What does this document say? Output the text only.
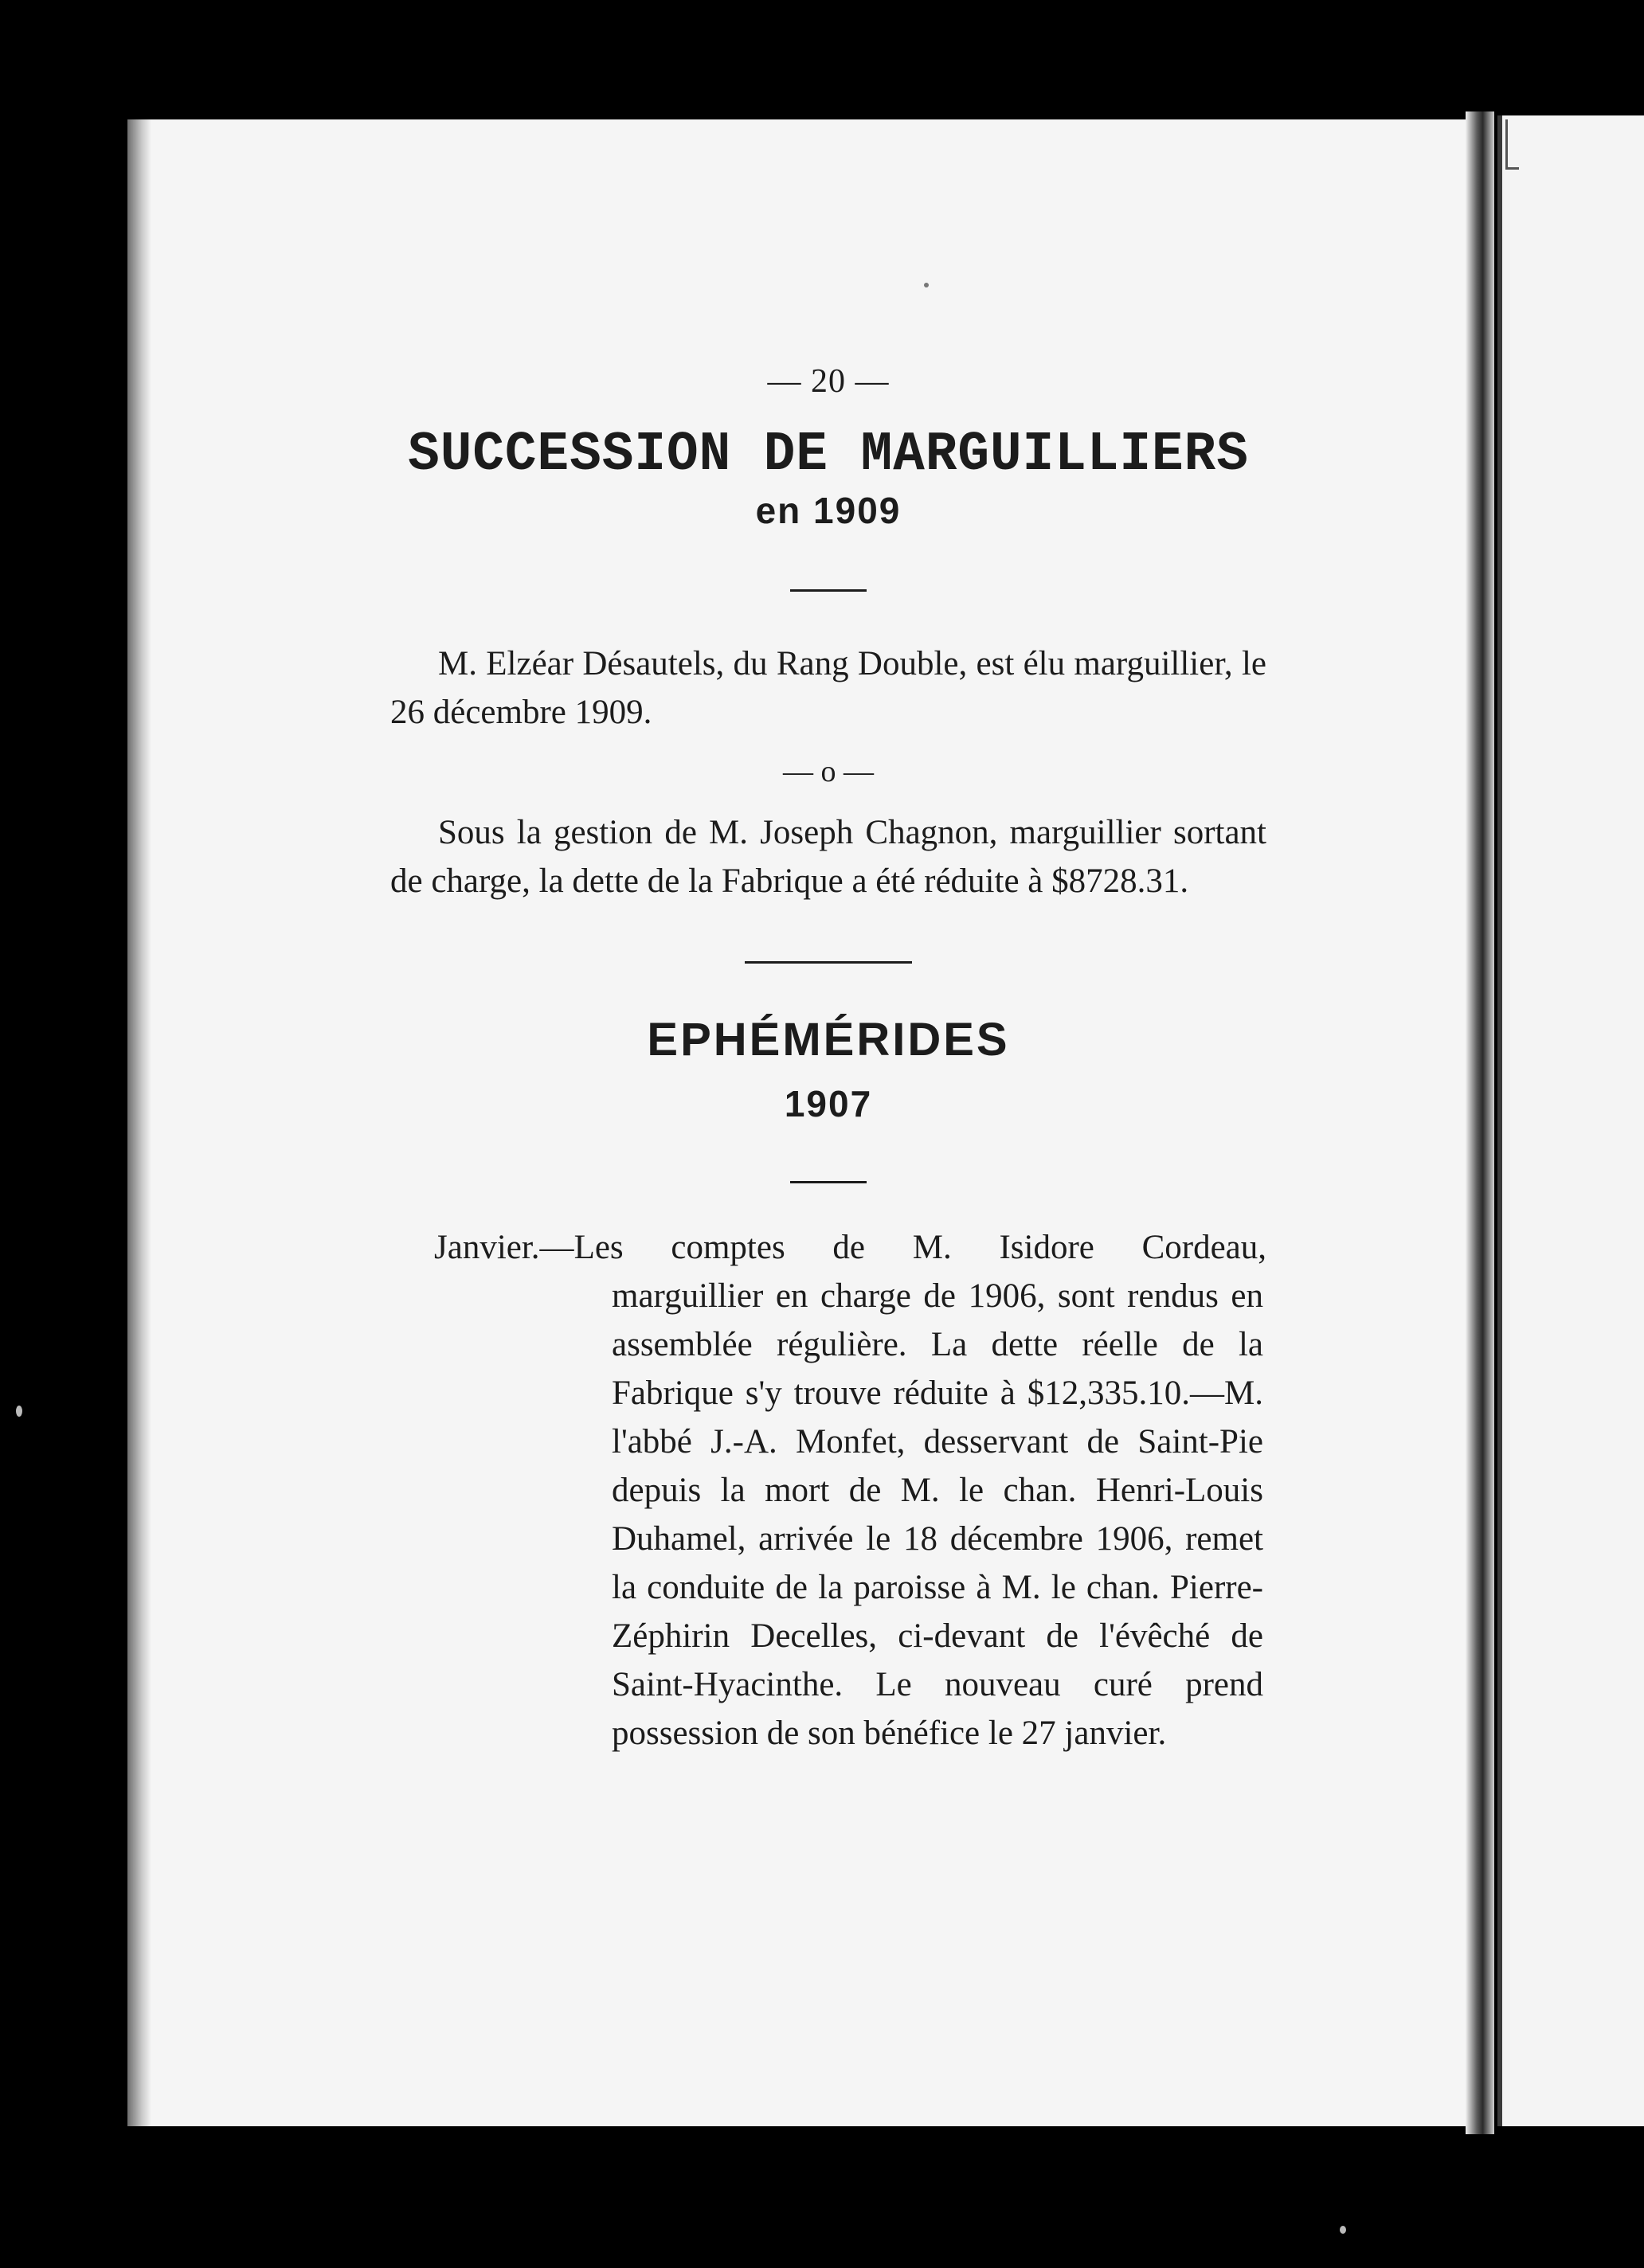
— 20 —
SUCCESSION DE MARGUILLIERS
en 1909

M. Elzéar Désautels, du Rang Double, est élu marguillier, le 26 décembre 1909.

— o —

Sous la gestion de M. Joseph Chagnon, marguillier sortant de charge, la dette de la Fabrique a été réduite à $8728.31.

EPHÉMÉRIDES
1907
Janvier.—Les comptes de M. Isidore Cordeau,
marguillier en charge de 1906, sont rendus en assemblée régulière. La dette réelle de la Fabrique s'y trouve réduite à $12,335.10.—M. l'abbé J.-A. Monfet, desservant de Saint-Pie depuis la mort de M. le chan. Henri-Louis Duhamel, arrivée le 18 décembre 1906, remet la conduite de la paroisse à M. le chan. Pierre-Zéphirin Decelles, ci-devant de l'évêché de Saint-Hyacinthe. Le nouveau curé prend possession de son bénéfice le 27 janvier.
